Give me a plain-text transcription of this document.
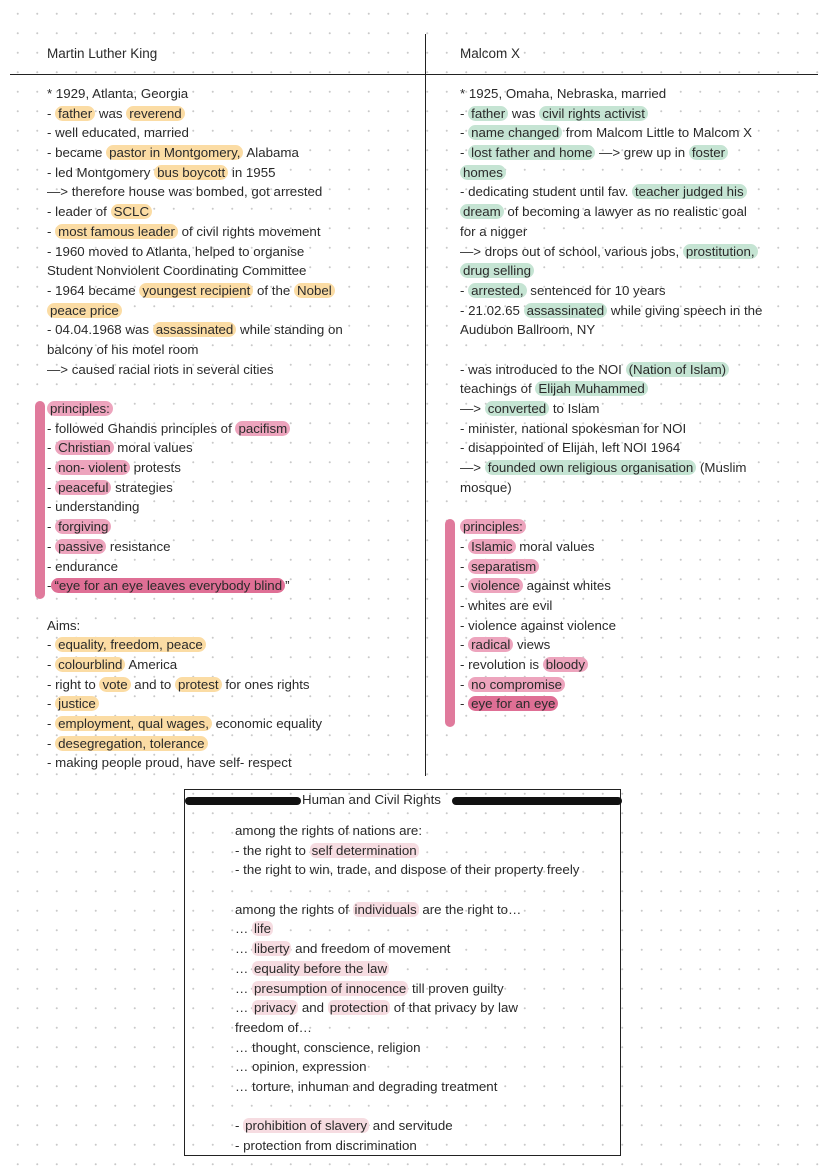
Martin Luther King	Malcom X
* 1929, Atlanta, Georgia
- father was reverend
- well educated, married
- became pastor in Montgomery, Alabama
- led Montgomery bus boycott in 1955
—> therefore house was bombed, got arrested
- leader of SCLC
- most famous leader of civil rights movement
- 1960 moved to Atlanta, helped to organise
Student Nonviolent Coordinating Committee
- 1964 became youngest recipient of the Nobel
peace price
- 04.04.1968 was assassinated while standing on
balcony of his motel room
—> caused racial riots in several cities
principles:
- followed Ghandis principles of pacifism
- Christian moral values
- non- violent protests
- peaceful strategies
- understanding
- forgiving
- passive resistance
- endurance
- “eye for an eye leaves everybody blind ”
Aims:
- equality, freedom, peace
- colourblind America
- right to vote and to protest for ones rights
- justice
- employment, qual wages, economic equality
- desegregation, tolerance
- making people proud, have self- respect
* 1925, Omaha, Nebraska, married
- father was civil rights activist
- name changed from Malcom Little to Malcom X
- lost father and home —> grew up in foster
homes
- dedicating student until fav. teacher judged his
dream of becoming a lawyer as no realistic goal
for a nigger
—> drops out of school, various jobs, prostitution,
drug selling
- arrested, sentenced for 10 years
- 21.02.65 assassinated while giving speech in the
Audubon Ballroom, NY
- was introduced to the NOI (Nation of Islam)
teachings of Elijah Muhammed
—> converted to Islam
- minister, national spokesman for NOI
- disappointed of Elijah, left NOI 1964
—> founded own religious organisation (Muslim
mosque)
principles:
- Islamic moral values
- separatism
- violence against whites
- whites are evil
- violence against violence
- radical views
- revolution is bloody
- no compromise
- eye for an eye
Human and Civil Rights
among the rights of nations are:
- the right to self determination
- the right to win, trade, and dispose of their property freely
among the rights of individuals are the right to…
… life
… liberty and freedom of movement
… equality before the law
… presumption of innocence till proven guilty
… privacy and protection of that privacy by law
freedom of…
… thought, conscience, religion
… opinion, expression
… torture, inhuman and degrading treatment
- prohibition of slavery and servitude
- protection from discrimination
